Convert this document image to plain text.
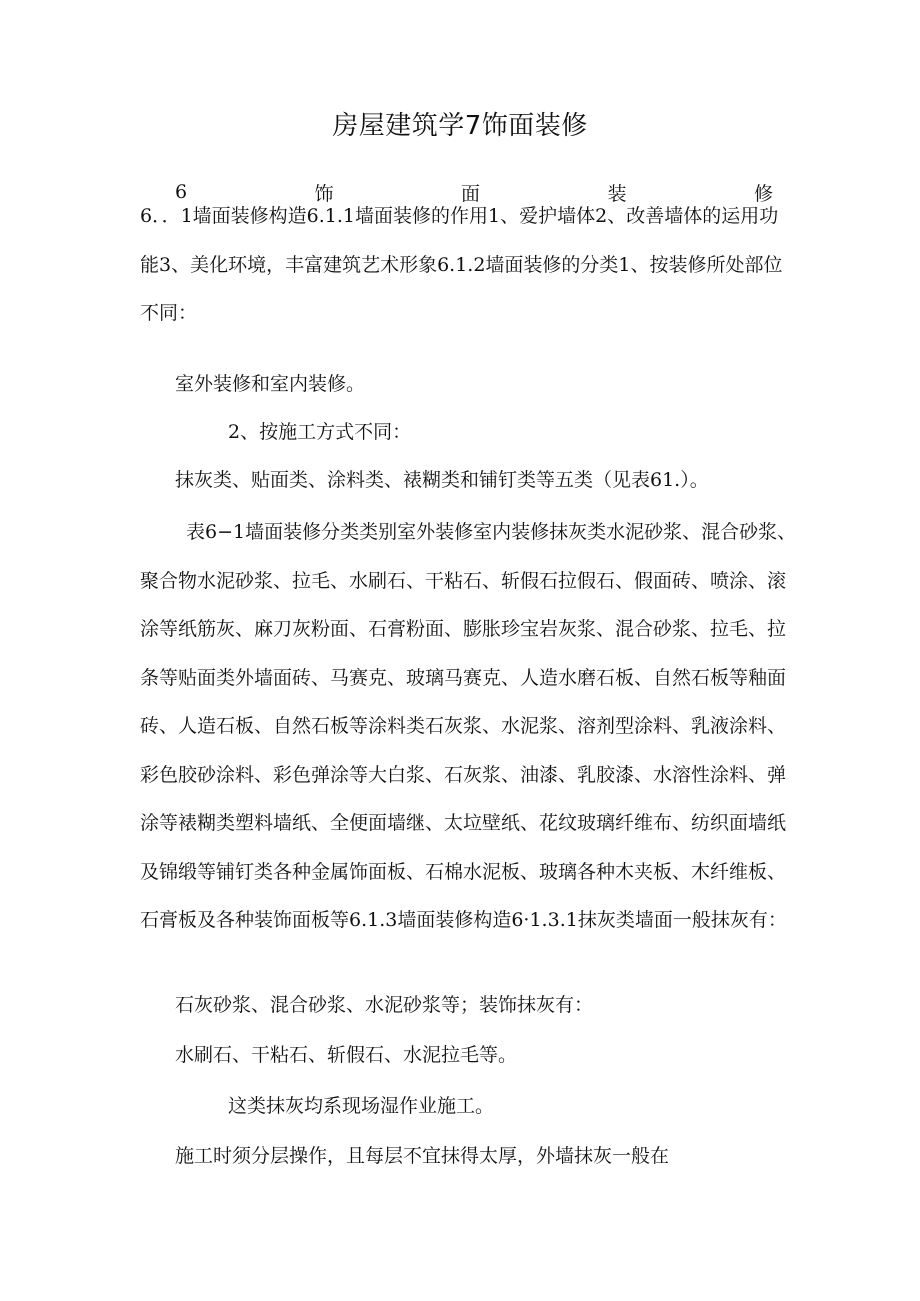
房屋建筑学7饰面装修
6	饰	面	装	修

6．．1墙面装修构造6.1.1墙面装修的作用1、爱护墙体2、改善墙体的运用功能3、美化环境，丰富建筑艺术形象6.1.2墙面装修的分类1、按装修所处部位不同：

室外装修和室内装修。

2、按施工方式不同：

抹灰类、贴面类、涂料类、裱糊类和铺钉类等五类（见表61.）。

表6−1墙面装修分类类别室外装修室内装修抹灰类水泥砂浆、混合砂浆、聚合物水泥砂浆、拉毛、水刷石、干粘石、斩假石拉假石、假面砖、喷涂、滚涂等纸筋灰、麻刀灰粉面、石膏粉面、膨胀珍宝岩灰浆、混合砂浆、拉毛、拉条等贴面类外墙面砖、马赛克、玻璃马赛克、人造水磨石板、自然石板等釉面砖、人造石板、自然石板等涂料类石灰浆、水泥浆、溶剂型涂料、乳液涂料、彩色胶砂涂料、彩色弹涂等大白浆、石灰浆、油漆、乳胶漆、水溶性涂料、弹涂等裱糊类塑料墙纸、全便面墙继、太垃壁纸、花纹玻璃纤维布、纺织面墙纸及锦缎等铺钉类各种金属饰面板、石棉水泥板、玻璃各种木夹板、木纤维板、石膏板及各种装饰面板等6.1.3墙面装修构造6·1.3.1抹灰类墙面一般抹灰有：

石灰砂浆、混合砂浆、水泥砂浆等；装饰抹灰有：

水刷石、干粘石、斩假石、水泥拉毛等。

这类抹灰均系现场湿作业施工。

施工时须分层操作，且每层不宜抹得太厚，外墙抹灰一般在
